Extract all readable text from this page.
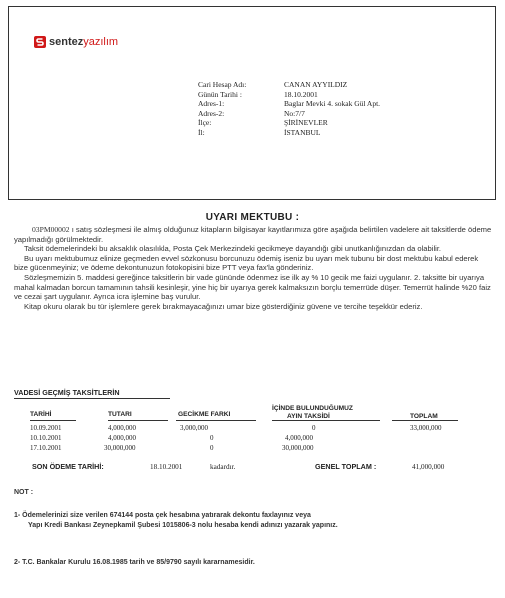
sentez yazılım
Cari Hesap Adı:	CANAN AYYILDIZ
Günün Tarihi :	18.10.2001
Adres-1:	Baglar Mevki 4. sokak Gül Apt.
Adres-2:	No:7/7
İlçe:	ŞİRİNEVLER
İl:	İSTANBUL
UYARI MEKTUBU :

03PM00002 ı satış sözleşmesi ile almış olduğunuz kitapların bilgisayar kayıtlarımıza göre aşağıda belirtilen vadelere ait taksitlerde ödeme yapılmadığı görülmektedir.

Taksit ödemelerindeki bu aksaklık olasılıkla, Posta Çek Merkezindeki gecikmeye dayandığı gibi unutkanlığınızdan da olabilir.

Bu uyarı mektubumuz elinize geçmeden evvel sözkonusu borcunuzu ödemiş iseniz bu uyarı mek tubunu bir dost mektubu kabul ederek bize gücenmeyiniz; ve ödeme dekontunuzun fotokopisini bize PTT veya fax'la gönderiniz.

Sözleşmemizin 5. maddesi gereğince taksitlerin bir vade gününde ödenmez ise ilk ay % 10 gecik me faizi uygulanır. 2. taksitte bir uyarıya mahal kalmadan borcun tamamının tahsili kesinleşir, yine hiç bir uyarıya gerek kalmaksızın borçlu temerrüde düşer. Temerrüt halinde %20 faiz ve cezai şart uygulanır. Ayrıca icra işlemine baş vurulur.

Kitap okuru olarak bu tür işlemlere gerek bırakmayacağınızı umar bize gösterdiğiniz güvene ve tercihe teşekkür ederiz.

VADESİ GEÇMİŞ TAKSİTLERİN
TARİHİ	TUTARI	GECİKME FARKI
İÇİNDE BULUNDUĞUMUZ
AYIN TAKSİDİ	TOPLAM
10.09.2001	4,000,000	3,000,000	0	33,000,000
10.10.2001	4,000,000	0	4,000,000
17.10.2001	30,000,000	0	30,000,000
SON ÖDEME TARİHİ:	18.10.2001	kadardır.	GENEL TOPLAM :	41,000,000
NOT :
1- Ödemelerinizi size verilen 674144 posta çek hesabına yatırarak dekontu faxlayınız veya
Yapı Kredi Bankası Zeynepkamil Şubesi 1015806-3 nolu hesaba kendi adınızı yazarak yapınız.
2- T.C. Bankalar Kurulu 16.08.1985 tarih ve 85/9790 sayılı kararnamesidir.
